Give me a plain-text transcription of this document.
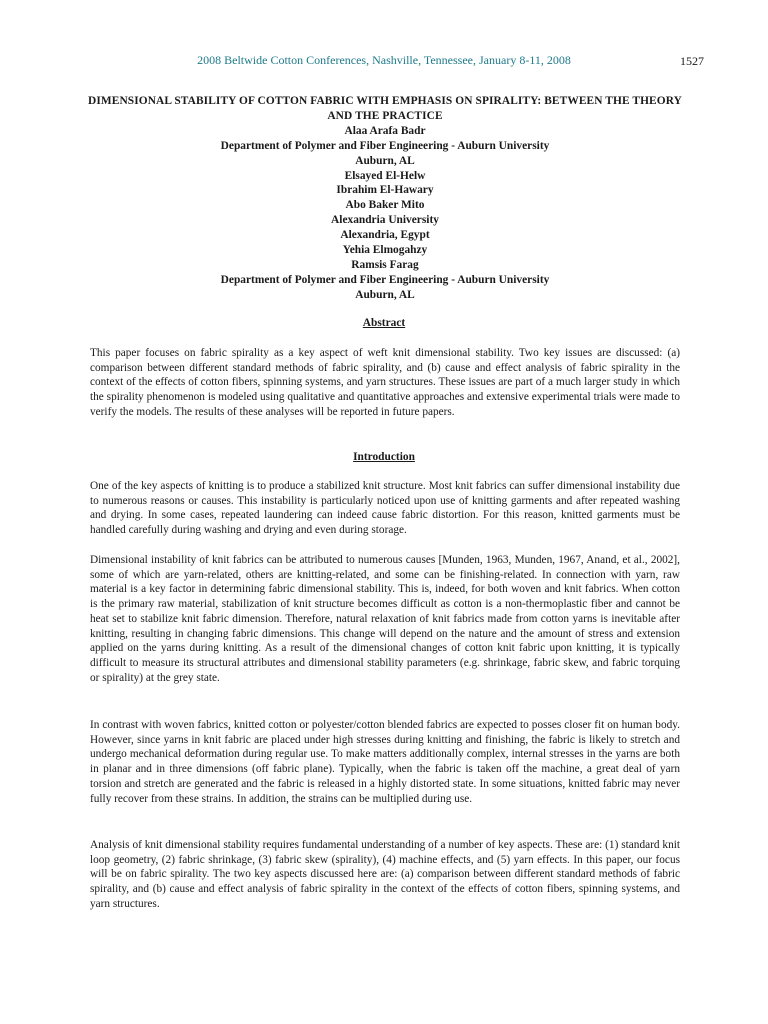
2008 Beltwide Cotton Conferences, Nashville, Tennessee, January 8-11, 2008	1527
DIMENSIONAL STABILITY OF COTTON FABRIC WITH EMPHASIS ON SPIRALITY: BETWEEN THE THEORY AND THE PRACTICE
Alaa Arafa Badr
Department of Polymer and Fiber Engineering - Auburn University
Auburn, AL
Elsayed El-Helw
Ibrahim El-Hawary
Abo Baker Mito
Alexandria University
Alexandria, Egypt
Yehia Elmogahzy
Ramsis Farag
Department of Polymer and Fiber Engineering - Auburn University
Auburn, AL
Abstract

This paper focuses on fabric spirality as a key aspect of weft knit dimensional stability. Two key issues are discussed: (a) comparison between different standard methods of fabric spirality, and (b) cause and effect analysis of fabric spirality in the context of the effects of cotton fibers, spinning systems, and yarn structures. These issues are part of a much larger study in which the spirality phenomenon is modeled using qualitative and quantitative approaches and extensive experimental trials were made to verify the models. The results of these analyses will be reported in future papers.

Introduction

One of the key aspects of knitting is to produce a stabilized knit structure. Most knit fabrics can suffer dimensional instability due to numerous reasons or causes. This instability is particularly noticed upon use of knitting garments and after repeated washing and drying. In some cases, repeated laundering can indeed cause fabric distortion. For this reason, knitted garments must be handled carefully during washing and drying and even during storage.

Dimensional instability of knit fabrics can be attributed to numerous causes [Munden, 1963, Munden, 1967, Anand, et al., 2002], some of which are yarn-related, others are knitting-related, and some can be finishing-related. In connection with yarn, raw material is a key factor in determining fabric dimensional stability. This is, indeed, for both woven and knit fabrics. When cotton is the primary raw material, stabilization of knit structure becomes difficult as cotton is a non-thermoplastic fiber and cannot be heat set to stabilize knit fabric dimension. Therefore, natural relaxation of knit fabrics made from cotton yarns is inevitable after knitting, resulting in changing fabric dimensions. This change will depend on the nature and the amount of stress and extension applied on the yarns during knitting. As a result of the dimensional changes of cotton knit fabric upon knitting, it is typically difficult to measure its structural attributes and dimensional stability parameters (e.g. shrinkage, fabric skew, and fabric torquing or spirality) at the grey state.

In contrast with woven fabrics, knitted cotton or polyester/cotton blended fabrics are expected to posses closer fit on human body. However, since yarns in knit fabric are placed under high stresses during knitting and finishing, the fabric is likely to stretch and undergo mechanical deformation during regular use. To make matters additionally complex, internal stresses in the yarns are both in planar and in three dimensions (off fabric plane). Typically, when the fabric is taken off the machine, a great deal of yarn torsion and stretch are generated and the fabric is released in a highly distorted state. In some situations, knitted fabric may never fully recover from these strains. In addition, the strains can be multiplied during use.

Analysis of knit dimensional stability requires fundamental understanding of a number of key aspects. These are: (1) standard knit loop geometry, (2) fabric shrinkage, (3) fabric skew (spirality), (4) machine effects, and (5) yarn effects. In this paper, our focus will be on fabric spirality. The two key aspects discussed here are: (a) comparison between different standard methods of fabric spirality, and (b) cause and effect analysis of fabric spirality in the context of the effects of cotton fibers, spinning systems, and yarn structures.
